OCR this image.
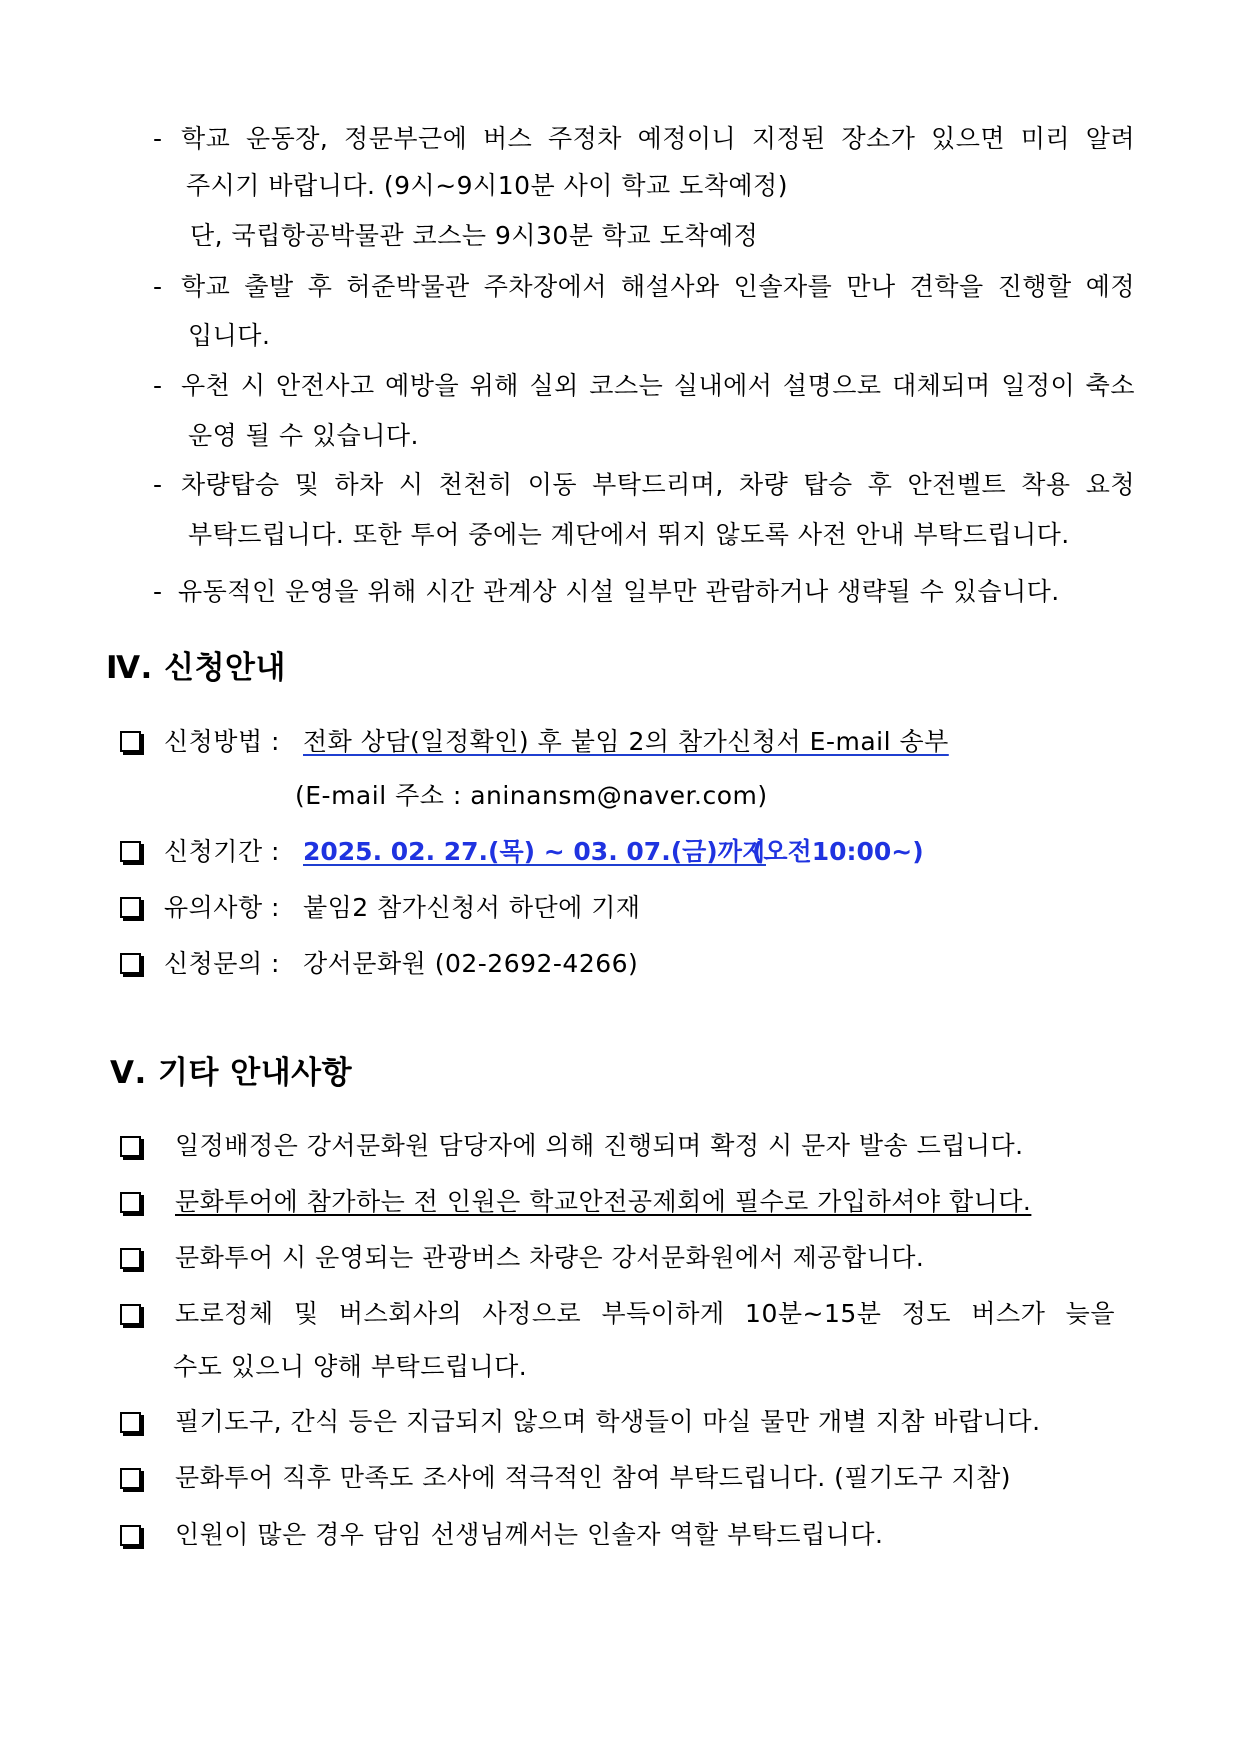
- 학교 운동장, 정문부근에 버스 주정차 예정이니 지정된 장소가 있으면 미리 알려
주시기 바랍니다. (9시~9시10분 사이 학교 도착예정)
단, 국립항공박물관 코스는 9시30분 학교 도착예정
- 학교 출발 후 허준박물관 주차장에서 해설사와 인솔자를 만나 견학을 진행할 예정
입니다.
- 우천 시 안전사고 예방을 위해 실외 코스는 실내에서 설명으로 대체되며 일정이 축소
운영 될 수 있습니다.
- 차량탑승 및 하차 시 천천히 이동 부탁드리며, 차량 탑승 후 안전벨트 착용 요청
부탁드립니다. 또한 투어 중에는 계단에서 뛰지 않도록 사전 안내 부탁드립니다.
- 유동적인 운영을 위해 시간 관계상 시설 일부만 관람하거나 생략될 수 있습니다.
Ⅳ. 신청안내
신청방법 : 전화 상담(일정확인) 후 붙임 2의 참가신청서 E-mail 송부
(E-mail 주소 : aninansm@naver.com)
신청기간 : 2025. 02. 27.(목) ~ 03. 07.(금)까지
(오전10:00~)
유의사항 : 붙임2 참가신청서 하단에 기재
신청문의 : 강서문화원 (02-2692-4266)
Ⅴ. 기타 안내사항
일정배정은 강서문화원 담당자에 의해 진행되며 확정 시 문자 발송 드립니다.
문화투어에 참가하는 전 인원은 학교안전공제회에 필수로 가입하셔야 합니다.
문화투어 시 운영되는 관광버스 차량은 강서문화원에서 제공합니다.
도로정체 및 버스회사의 사정으로 부득이하게 10분~15분 정도 버스가 늦을
수도 있으니 양해 부탁드립니다.
필기도구, 간식 등은 지급되지 않으며 학생들이 마실 물만 개별 지참 바랍니다.
문화투어 직후 만족도 조사에 적극적인 참여 부탁드립니다. (필기도구 지참)
인원이 많은 경우 담임 선생님께서는 인솔자 역할 부탁드립니다.
